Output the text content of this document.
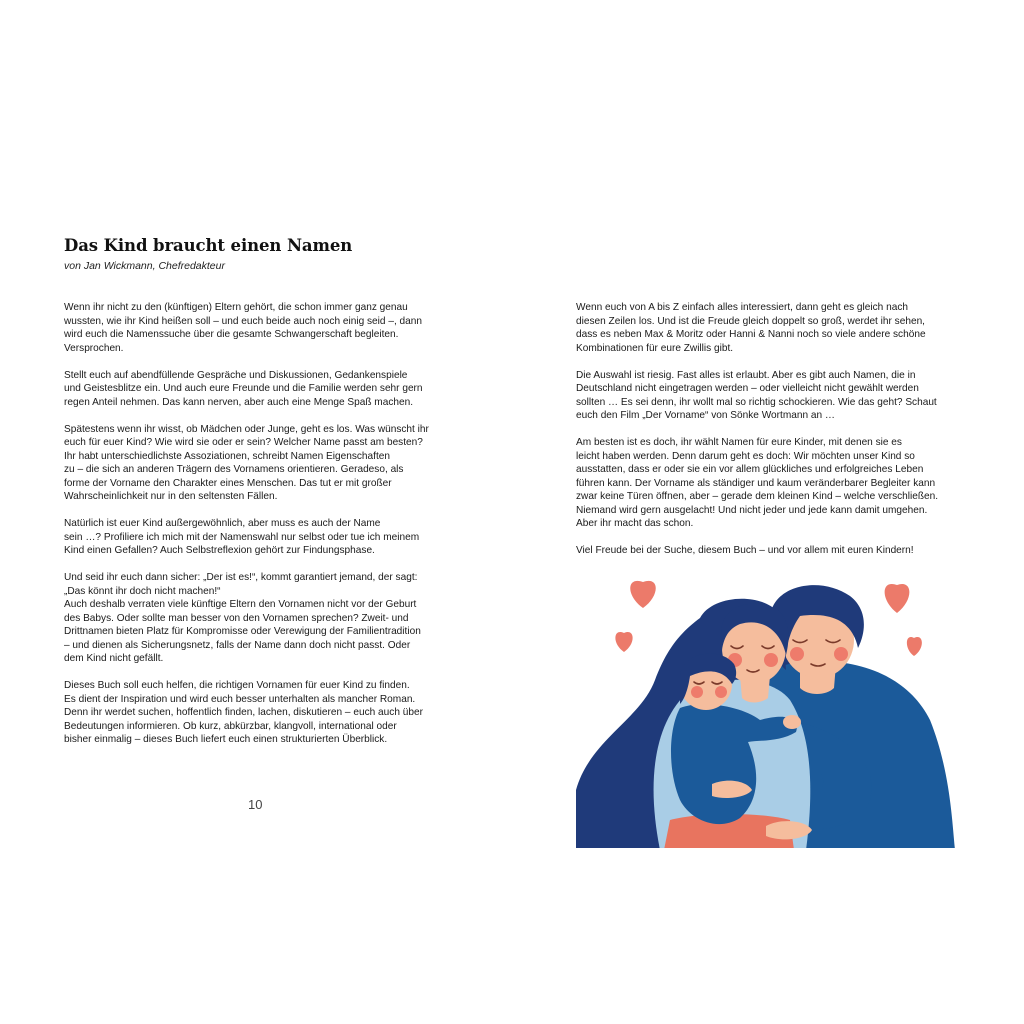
Das Kind braucht einen Namen

von Jan Wickmann, Chefredakteur

Wenn ihr nicht zu den (künftigen) Eltern gehört, die schon immer ganz genau
wussten, wie ihr Kind heißen soll – und euch beide auch noch einig seid –, dann
wird euch die Namenssuche über die gesamte Schwangerschaft begleiten.
Versprochen.

Stellt euch auf abendfüllende Gespräche und Diskussionen, Gedankenspiele
und Geistesblitze ein. Und auch eure Freunde und die Familie werden sehr gern
regen Anteil nehmen. Das kann nerven, aber auch eine Menge Spaß machen.

Spätestens wenn ihr wisst, ob Mädchen oder Junge, geht es los. Was wünscht ihr
euch für euer Kind? Wie wird sie oder er sein? Welcher Name passt am besten?
Ihr habt unterschiedlichste Assoziationen, schreibt Namen Eigenschaften
zu – die sich an anderen Trägern des Vornamens orientieren. Geradeso, als
forme der Vorname den Charakter eines Menschen. Das tut er mit großer
Wahrscheinlichkeit nur in den seltensten Fällen.

Natürlich ist euer Kind außergewöhnlich, aber muss es auch der Name
sein …? Profiliere ich mich mit der Namenswahl nur selbst oder tue ich meinem
Kind einen Gefallen? Auch Selbstreflexion gehört zur Findungsphase.

Und seid ihr euch dann sicher: „Der ist es!“, kommt garantiert jemand, der sagt:
„Das könnt ihr doch nicht machen!“
Auch deshalb verraten viele künftige Eltern den Vornamen nicht vor der Geburt
des Babys. Oder sollte man besser von den Vornamen sprechen? Zweit- und
Drittnamen bieten Platz für Kompromisse oder Verewigung der Familientradition
– und dienen als Sicherungsnetz, falls der Name dann doch nicht passt. Oder
dem Kind nicht gefällt.

Dieses Buch soll euch helfen, die richtigen Vornamen für euer Kind zu finden.
Es dient der Inspiration und wird euch besser unterhalten als mancher Roman.
Denn ihr werdet suchen, hoffentlich finden, lachen, diskutieren – euch auch über
Bedeutungen informieren. Ob kurz, abkürzbar, klangvoll, international oder
bisher einmalig – dieses Buch liefert euch einen strukturierten Überblick.

Wenn euch von A bis Z einfach alles interessiert, dann geht es gleich nach
diesen Zeilen los. Und ist die Freude gleich doppelt so groß, werdet ihr sehen,
dass es neben Max & Moritz oder Hanni & Nanni noch so viele andere schöne
Kombinationen für eure Zwillis gibt.

Die Auswahl ist riesig. Fast alles ist erlaubt. Aber es gibt auch Namen, die in
Deutschland nicht eingetragen werden – oder vielleicht nicht gewählt werden
sollten … Es sei denn, ihr wollt mal so richtig schockieren. Wie das geht? Schaut
euch den Film „Der Vorname“ von Sönke Wortmann an …

Am besten ist es doch, ihr wählt Namen für eure Kinder, mit denen sie es
leicht haben werden. Denn darum geht es doch: Wir möchten unser Kind so
ausstatten, dass er oder sie ein vor allem glückliches und erfolgreiches Leben
führen kann. Der Vorname als ständiger und kaum veränderbarer Begleiter kann
zwar keine Türen öffnen, aber – gerade dem kleinen Kind – welche verschließen.
Niemand wird gern ausgelacht! Und nicht jeder und jede kann damit umgehen.
Aber ihr macht das schon.

Viel Freude bei der Suche, diesem Buch – und vor allem mit euren Kindern!

10
